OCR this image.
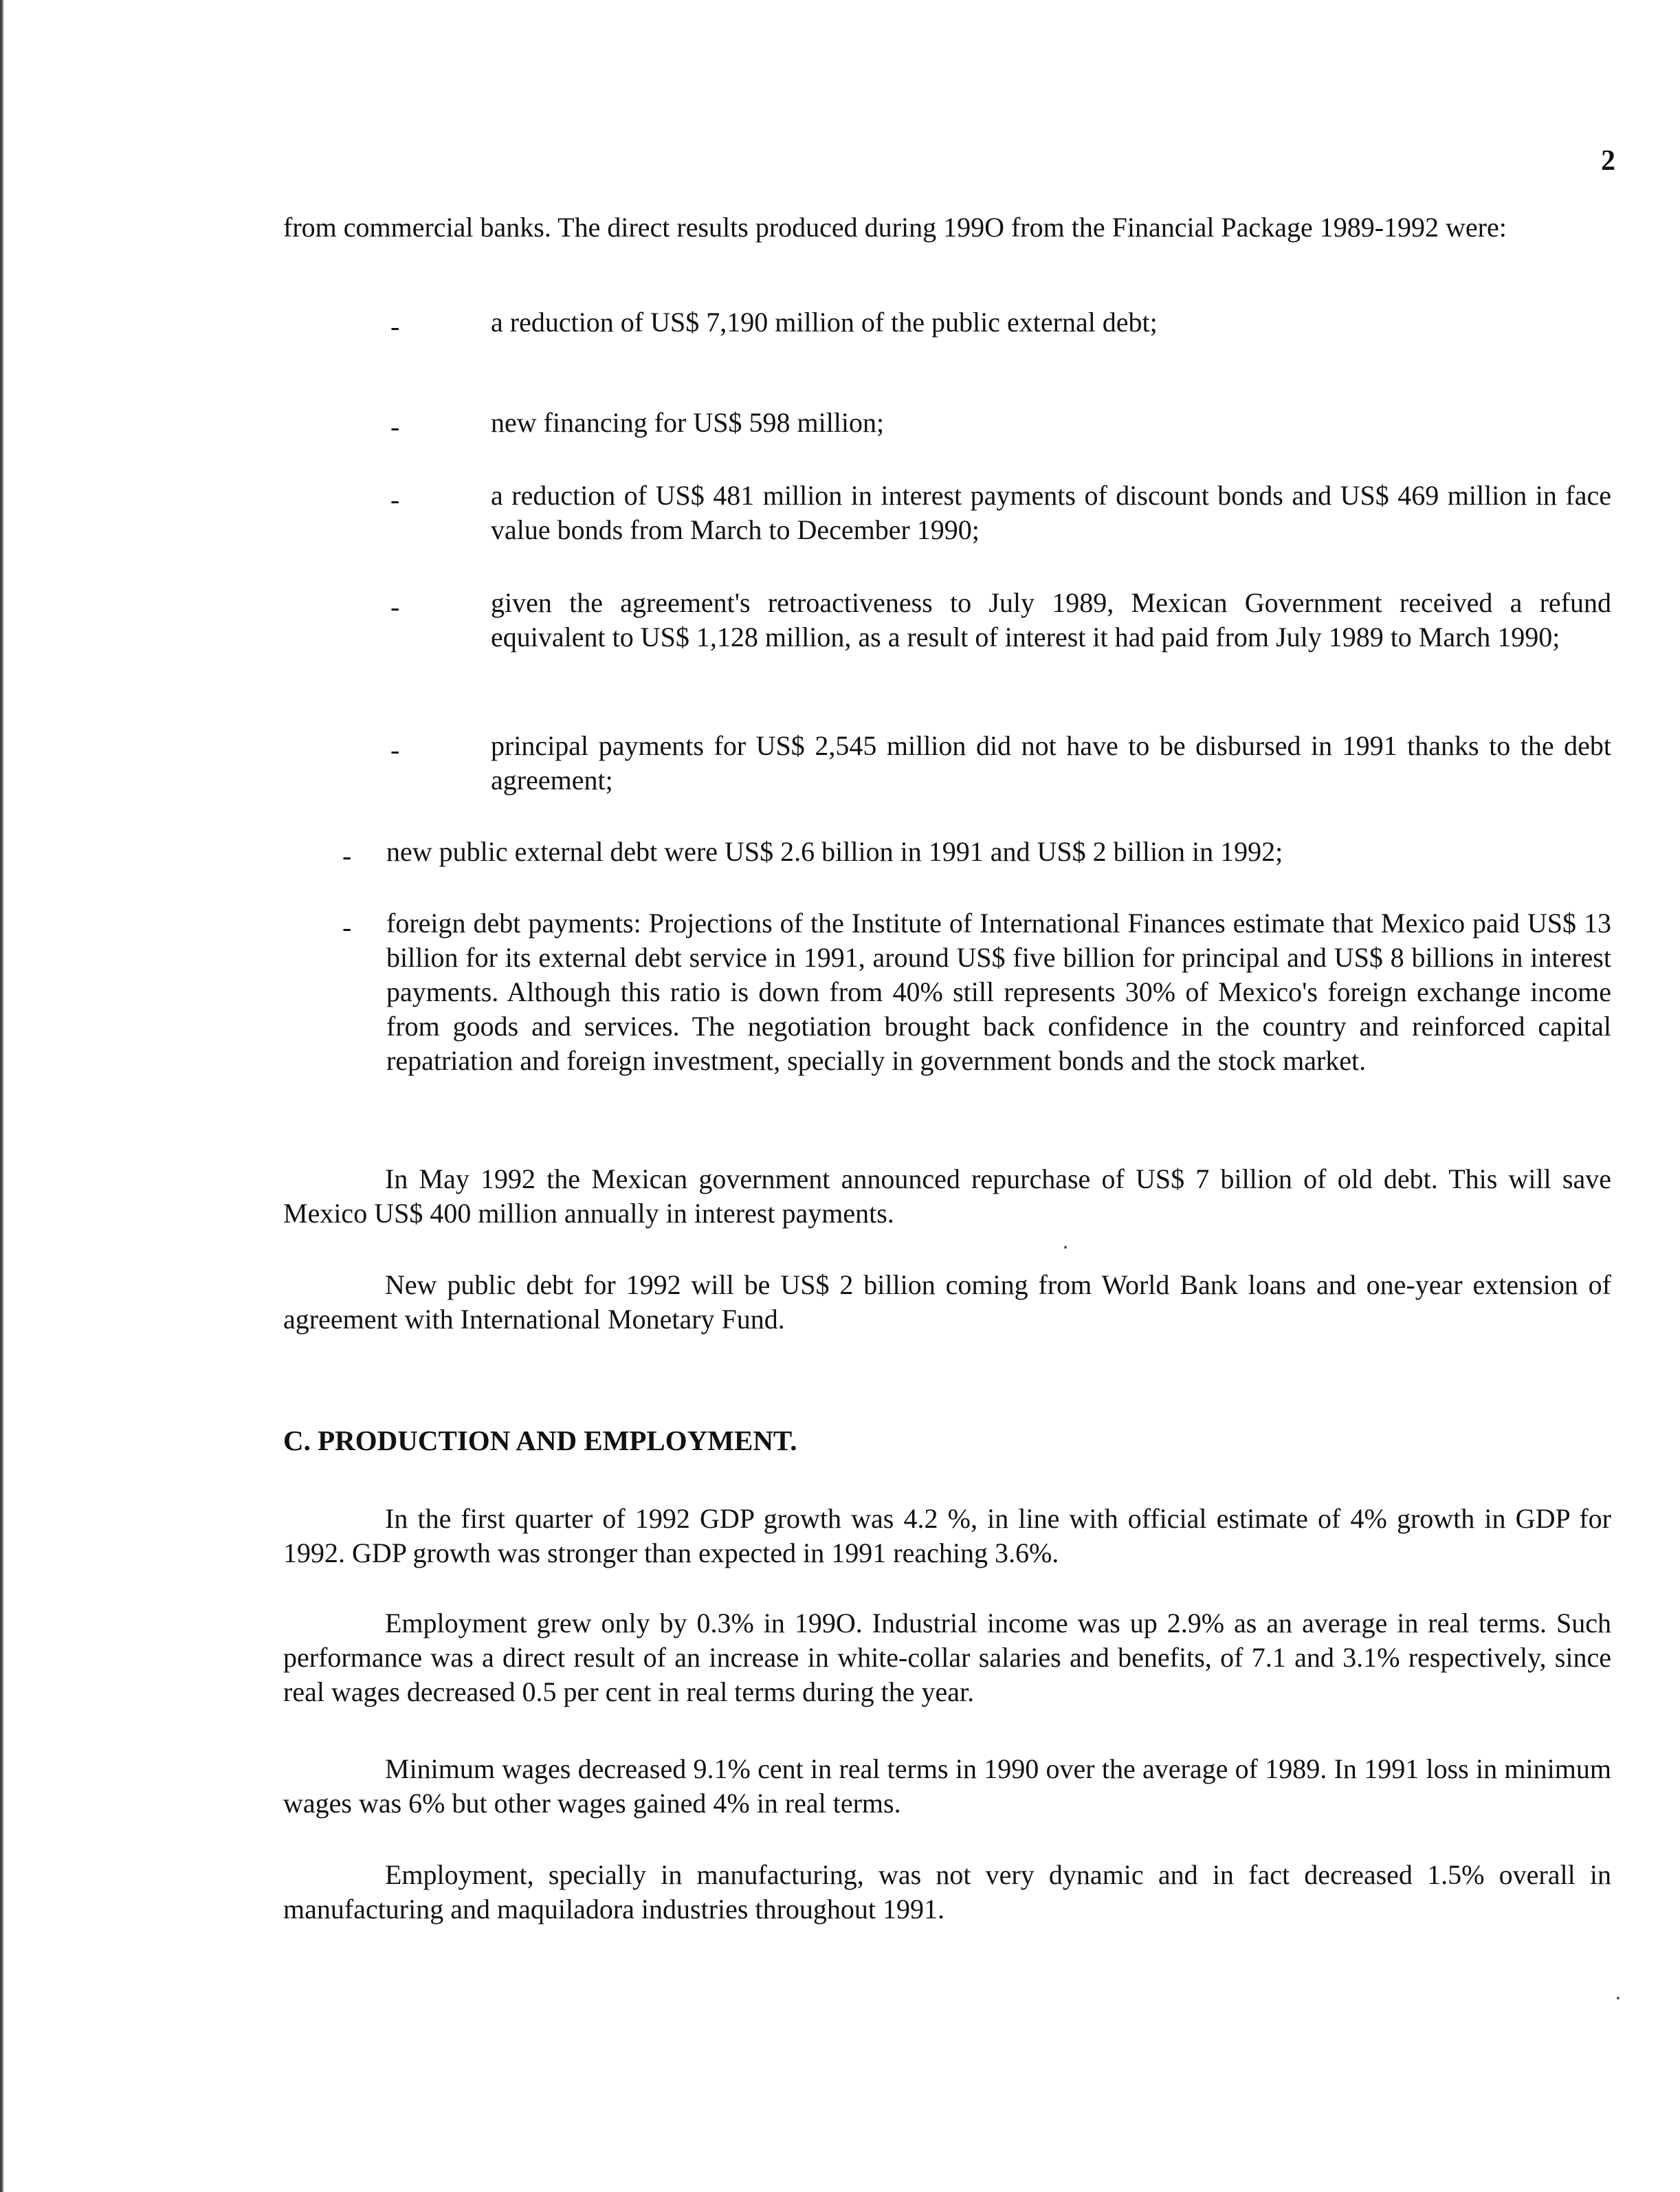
2

from commercial banks. The direct results produced during 199O from the Financial Package 1989-1992 were:

-	a reduction of US$ 7,190 million of the public external debt;

-	new financing for US$ 598 million;

-	a reduction of US$ 481 million in interest payments of discount bonds and US$ 469 million in face value bonds from March to December 1990;

-	given the agreement's retroactiveness to July 1989, Mexican Government received a refund equivalent to US$ 1,128 million, as a result of interest it had paid from July 1989 to March 1990;

-	principal payments for US$ 2,545 million did not have to be disbursed in 1991 thanks to the debt agreement;

- new public external debt were US$ 2.6 billion in 1991 and US$ 2 billion in 1992;

- foreign debt payments: Projections of the Institute of International Finances estimate that Mexico paid US$ 13 billion for its external debt service in 1991, around US$ five billion for principal and US$ 8 billions in interest payments. Although this ratio is down from 40% still represents 30% of Mexico's foreign exchange income from goods and services. The negotiation brought back confidence in the country and reinforced capital repatriation and foreign investment, specially in government bonds and the stock market.

In May 1992 the Mexican government announced repurchase of US$ 7 billion of old debt. This will save Mexico US$ 400 million annually in interest payments.

New public debt for 1992 will be US$ 2 billion coming from World Bank loans and one-year extension of agreement with International Monetary Fund.

C. PRODUCTION AND EMPLOYMENT.

In the first quarter of 1992 GDP growth was 4.2 %, in line with official estimate of 4% growth in GDP for 1992. GDP growth was stronger than expected in 1991 reaching 3.6%.

Employment grew only by 0.3% in 199O. Industrial income was up 2.9% as an average in real terms. Such performance was a direct result of an increase in white-collar salaries and benefits, of 7.1 and 3.1% respectively, since real wages decreased 0.5 per cent in real terms during the year.

Minimum wages decreased 9.1% cent in real terms in 1990 over the average of 1989. In 1991 loss in minimum wages was 6% but other wages gained 4% in real terms.

Employment, specially in manufacturing, was not very dynamic and in fact decreased 1.5% overall in manufacturing and maquiladora industries throughout 1991.
